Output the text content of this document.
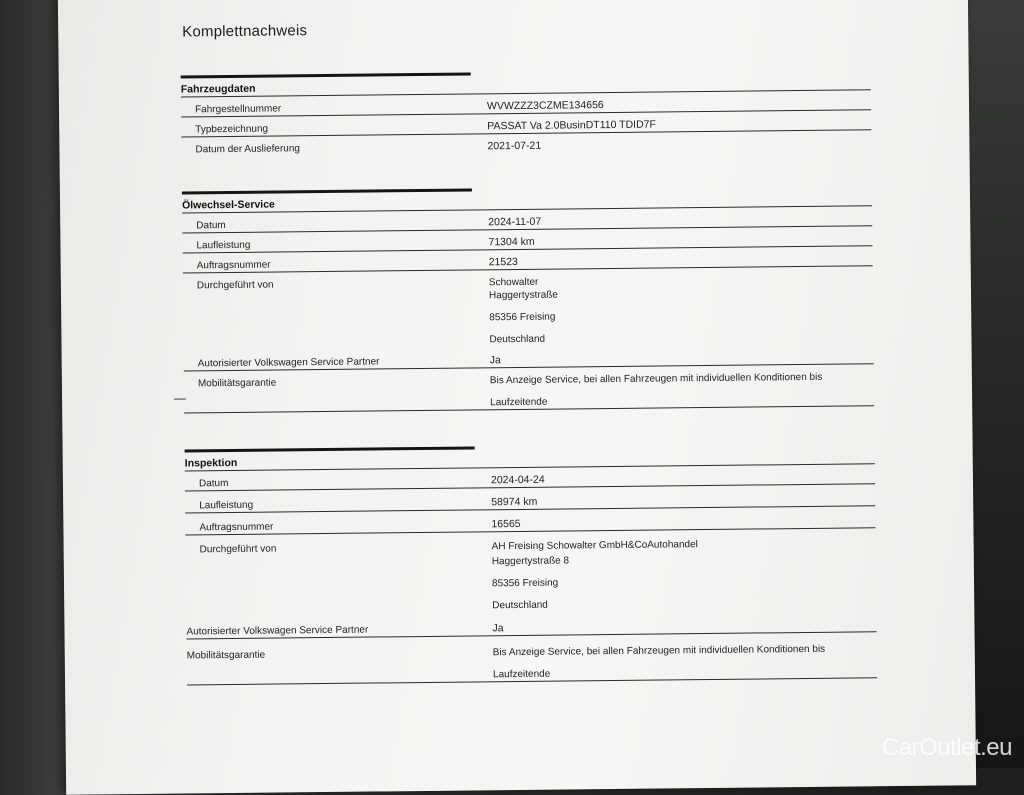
Komplettnachweis
Fahrzeugdaten
Fahrgestellnummer	WVWZZZ3CZME134656
Typbezeichnung	PASSAT Va 2.0BusinDT110 TDID7F
Datum der Auslieferung	2021-07-21
Ölwechsel-Service
Datum	2024-11-07
Laufleistung	71304 km
Auftragsnummer	21523
Durchgeführt von	Schowalter
Haggertystraße
85356 Freising
Deutschland
Autorisierter Volkswagen Service Partner	Ja
Mobilitätsgarantie	Bis Anzeige Service, bei allen Fahrzeugen mit individuellen Konditionen bis
Laufzeitende
Inspektion
Datum	2024-04-24
Laufleistung	58974 km
Auftragsnummer	16565
Durchgeführt von	AH Freising Schowalter GmbH&CoAutohandel
Haggertystraße 8
85356 Freising
Deutschland
Autorisierter Volkswagen Service Partner	Ja
Mobilitätsgarantie	Bis Anzeige Service, bei allen Fahrzeugen mit individuellen Konditionen bis
Laufzeitende
CarOutlet.eu
